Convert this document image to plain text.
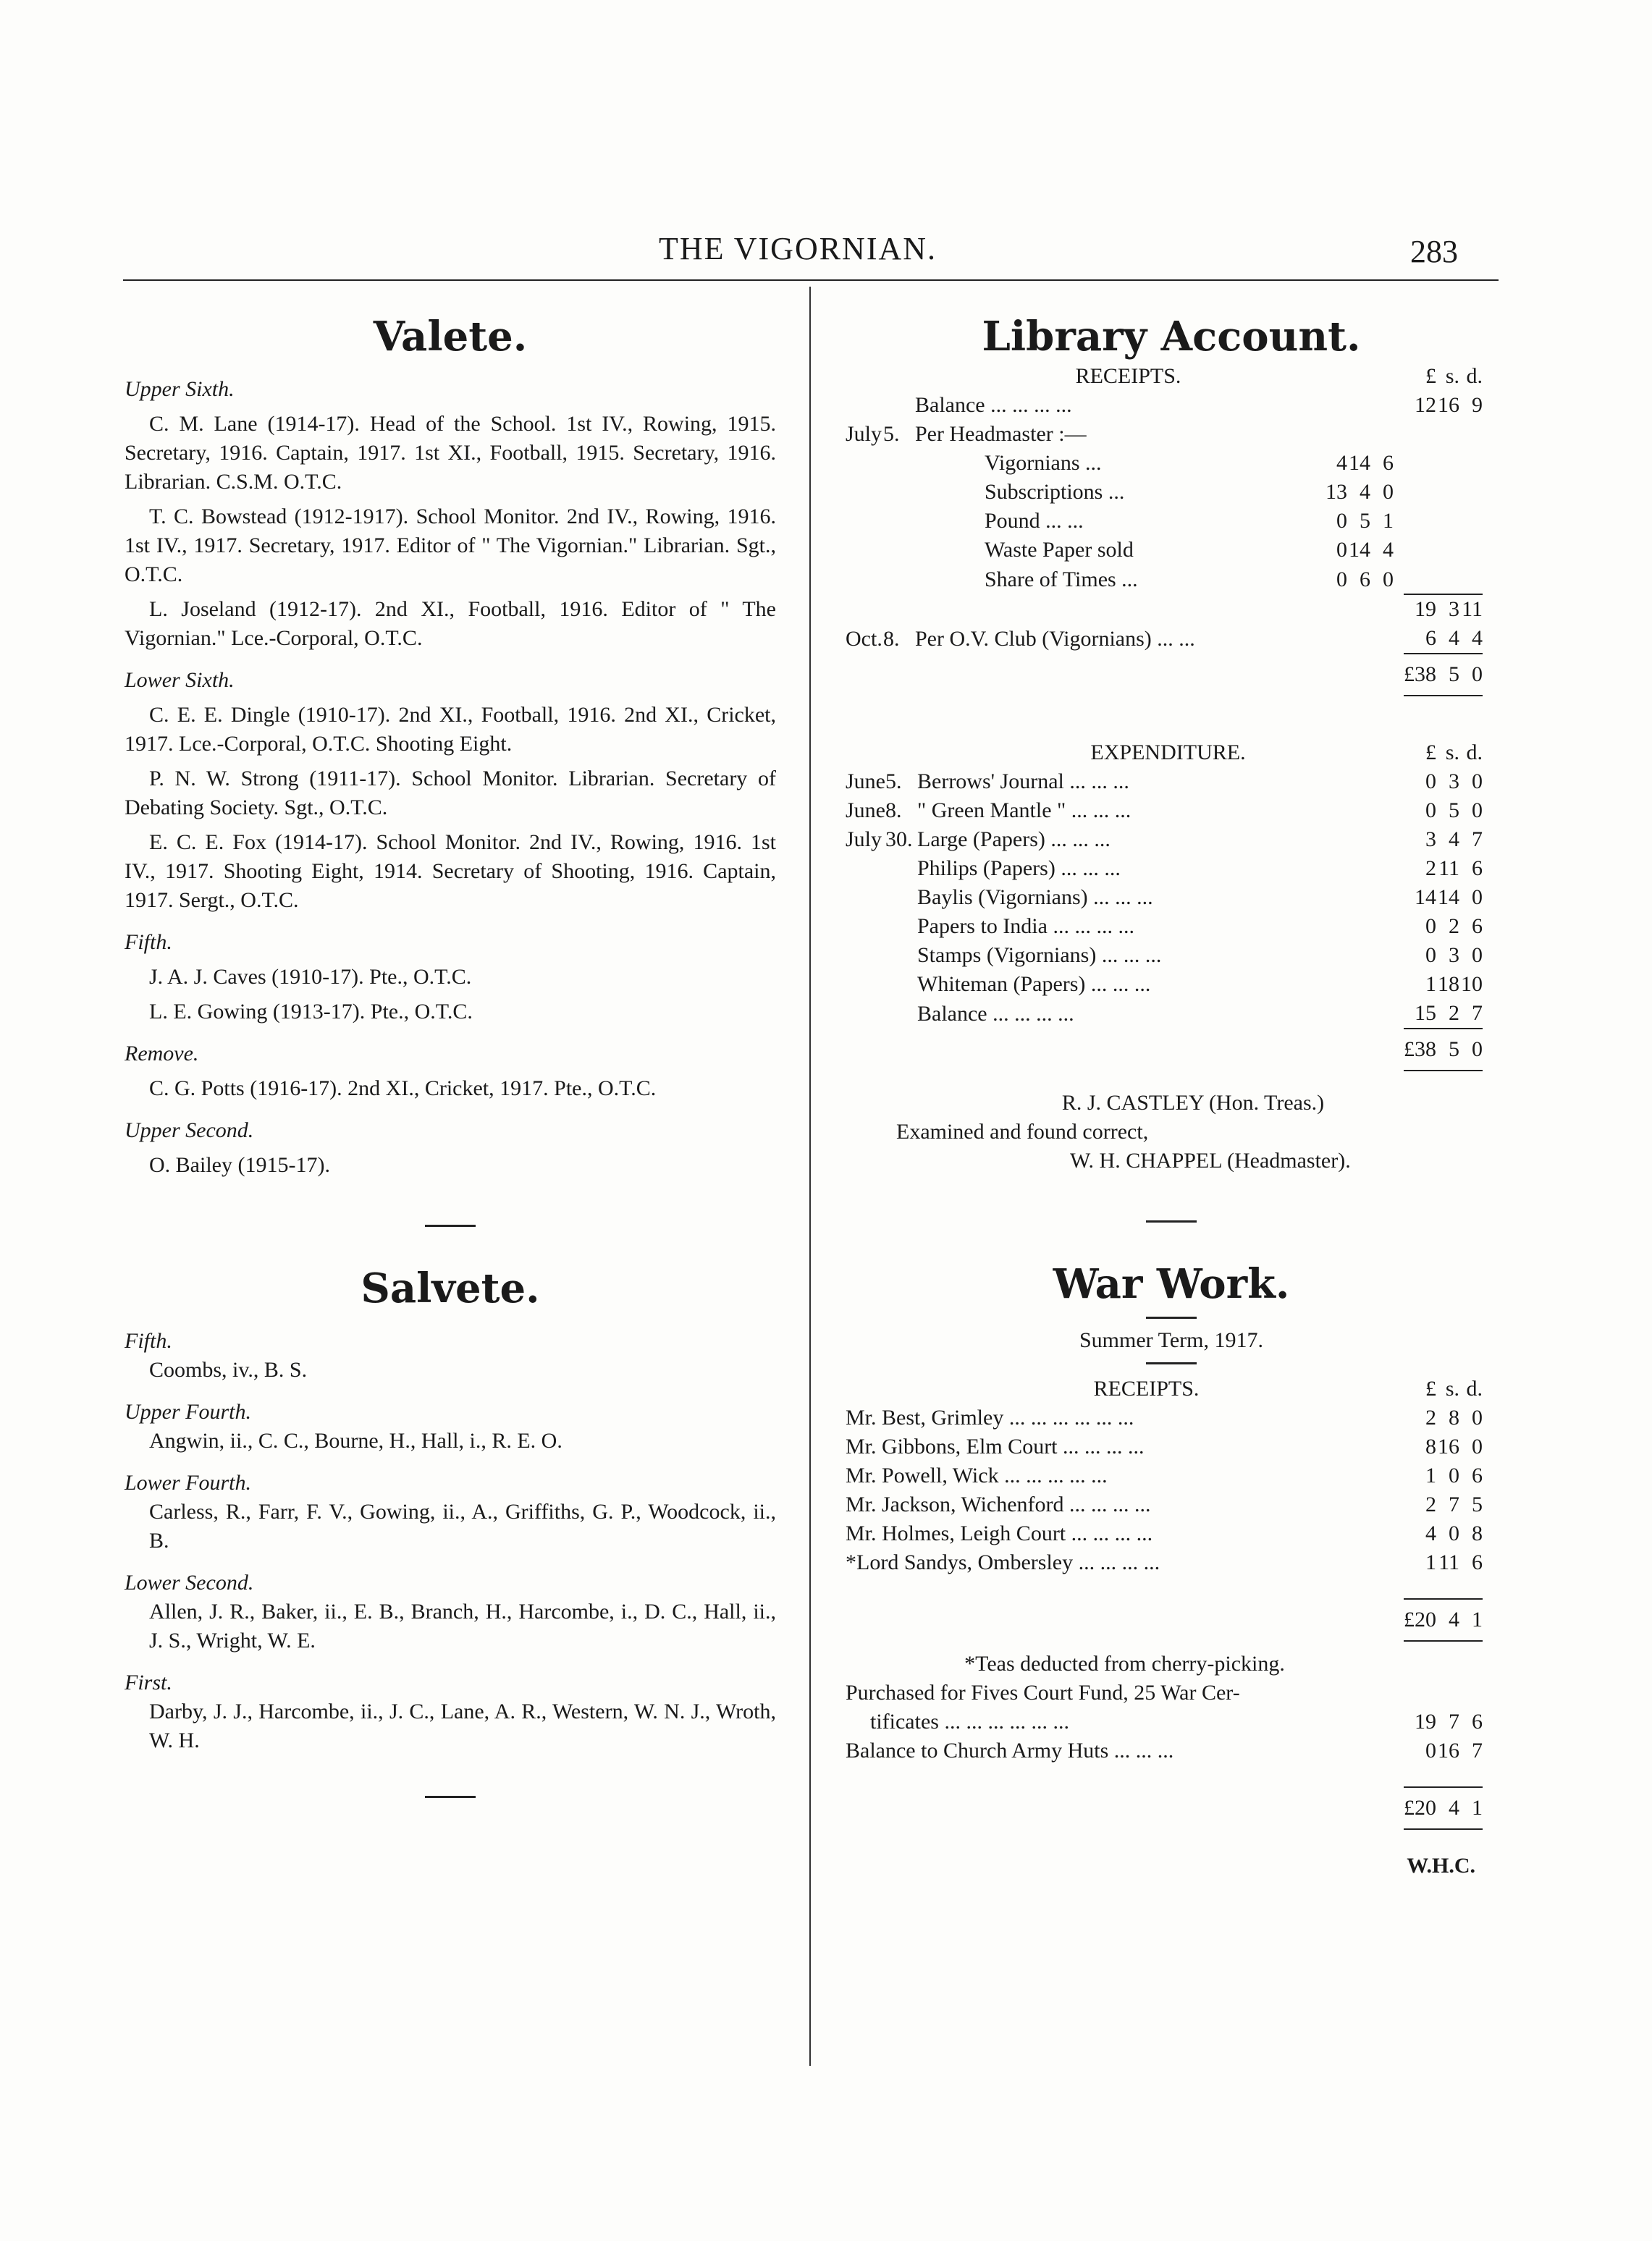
THE VIGORNIAN.	283
Valete.
Upper Sixth.
C. M. Lane (1914-17). Head of the School. 1st IV., Rowing, 1915. Secretary, 1916. Captain, 1917. 1st XI., Football, 1915. Secretary, 1916. Librarian. C.S.M. O.T.C.
T. C. Bowstead (1912-1917). School Monitor. 2nd IV., Rowing, 1916. 1st IV., 1917. Secretary, 1917. Editor of " The Vigornian." Librarian. Sgt., O.T.C.
L. Joseland (1912-17). 2nd XI., Football, 1916. Editor of " The Vigornian." Lce.-Corporal, O.T.C.
Lower Sixth.
C. E. E. Dingle (1910-17). 2nd XI., Football, 1916. 2nd XI., Cricket, 1917. Lce.-Corporal, O.T.C. Shooting Eight.
P. N. W. Strong (1911-17). School Monitor. Librarian. Secretary of Debating Society. Sgt., O.T.C.
E. C. E. Fox (1914-17). School Monitor. 2nd IV., Rowing, 1916. 1st IV., 1917. Shooting Eight, 1914. Secretary of Shooting, 1916. Captain, 1917. Sergt., O.T.C.
Fifth.
J. A. J. Caves (1910-17). Pte., O.T.C.
L. E. Gowing (1913-17). Pte., O.T.C.
Remove.
C. G. Potts (1916-17). 2nd XI., Cricket, 1917. Pte., O.T.C.
Upper Second.
O. Bailey (1915-17).
Salvete.
Fifth.
Coombs, iv., B. S.
Upper Fourth.
Angwin, ii., C. C., Bourne, H., Hall, i., R. E. O.
Lower Fourth.
Carless, R., Farr, F. V., Gowing, ii., A., Griffiths, G. P., Woodcock, ii., B.
Lower Second.
Allen, J. R., Baker, ii., E. B., Branch, H., Harcombe, i., D. C., Hall, ii., J. S., Wright, W. E.
First.
Darby, J. J., Harcombe, ii., J. C., Lane, A. R., Western, W. N. J., Wroth, W. H.
Library Account.
RECEIPTS.							£	s.	d.
		Balance ... ... ... ...					12	16	9
July	5.	Per Headmaster :—							
		Vigornians ...	4	14	6				
		Subscriptions ...	13	4	0				
		Pound ... ...	0	5	1				
		Waste Paper sold	0	14	4				
		Share of Times ...	0	6	0				
							19	3	11
Oct.	8.	Per O.V. Club (Vigornians) ... ...					6	4	4
							£38	5	0
EXPENDITURE.			£	s.	d.
June	5.	Berrows' Journal ... ... ...	0	3	0
June	8.	" Green Mantle " ... ... ...	0	5	0
July	30.	Large (Papers) ... ... ...	3	4	7
		Philips (Papers) ... ... ...	2	11	6
		Baylis (Vigornians) ... ... ...	14	14	0
		Papers to India ... ... ... ...	0	2	6
		Stamps (Vigornians) ... ... ...	0	3	0
		Whiteman (Papers) ... ... ...	1	18	10
		Balance ... ... ... ...	15	2	7
			£38	5	0
R. J. CASTLEY (Hon. Treas.)
Examined and found correct,
W. H. CHAPPEL (Headmaster).
War Work.
Summer Term, 1917.
RECEIPTS.	£	s.	d.
Mr. Best, Grimley ... ... ... ... ... ...	2	8	0
Mr. Gibbons, Elm Court ... ... ... ...	8	16	0
Mr. Powell, Wick ... ... ... ... ...	1	0	6
Mr. Jackson, Wichenford ... ... ... ...	2	7	5
Mr. Holmes, Leigh Court ... ... ... ...	4	0	8
*Lord Sandys, Ombersley ... ... ... ...	1	11	6

	£20	4	1
*Teas deducted from cherry-picking.			
Purchased for Fives Court Fund, 25 War Cer-			
tificates ... ... ... ... ... ...	19	7	6
Balance to Church Army Huts ... ... ...	0	16	7

	£20	4	1
W.H.C.
